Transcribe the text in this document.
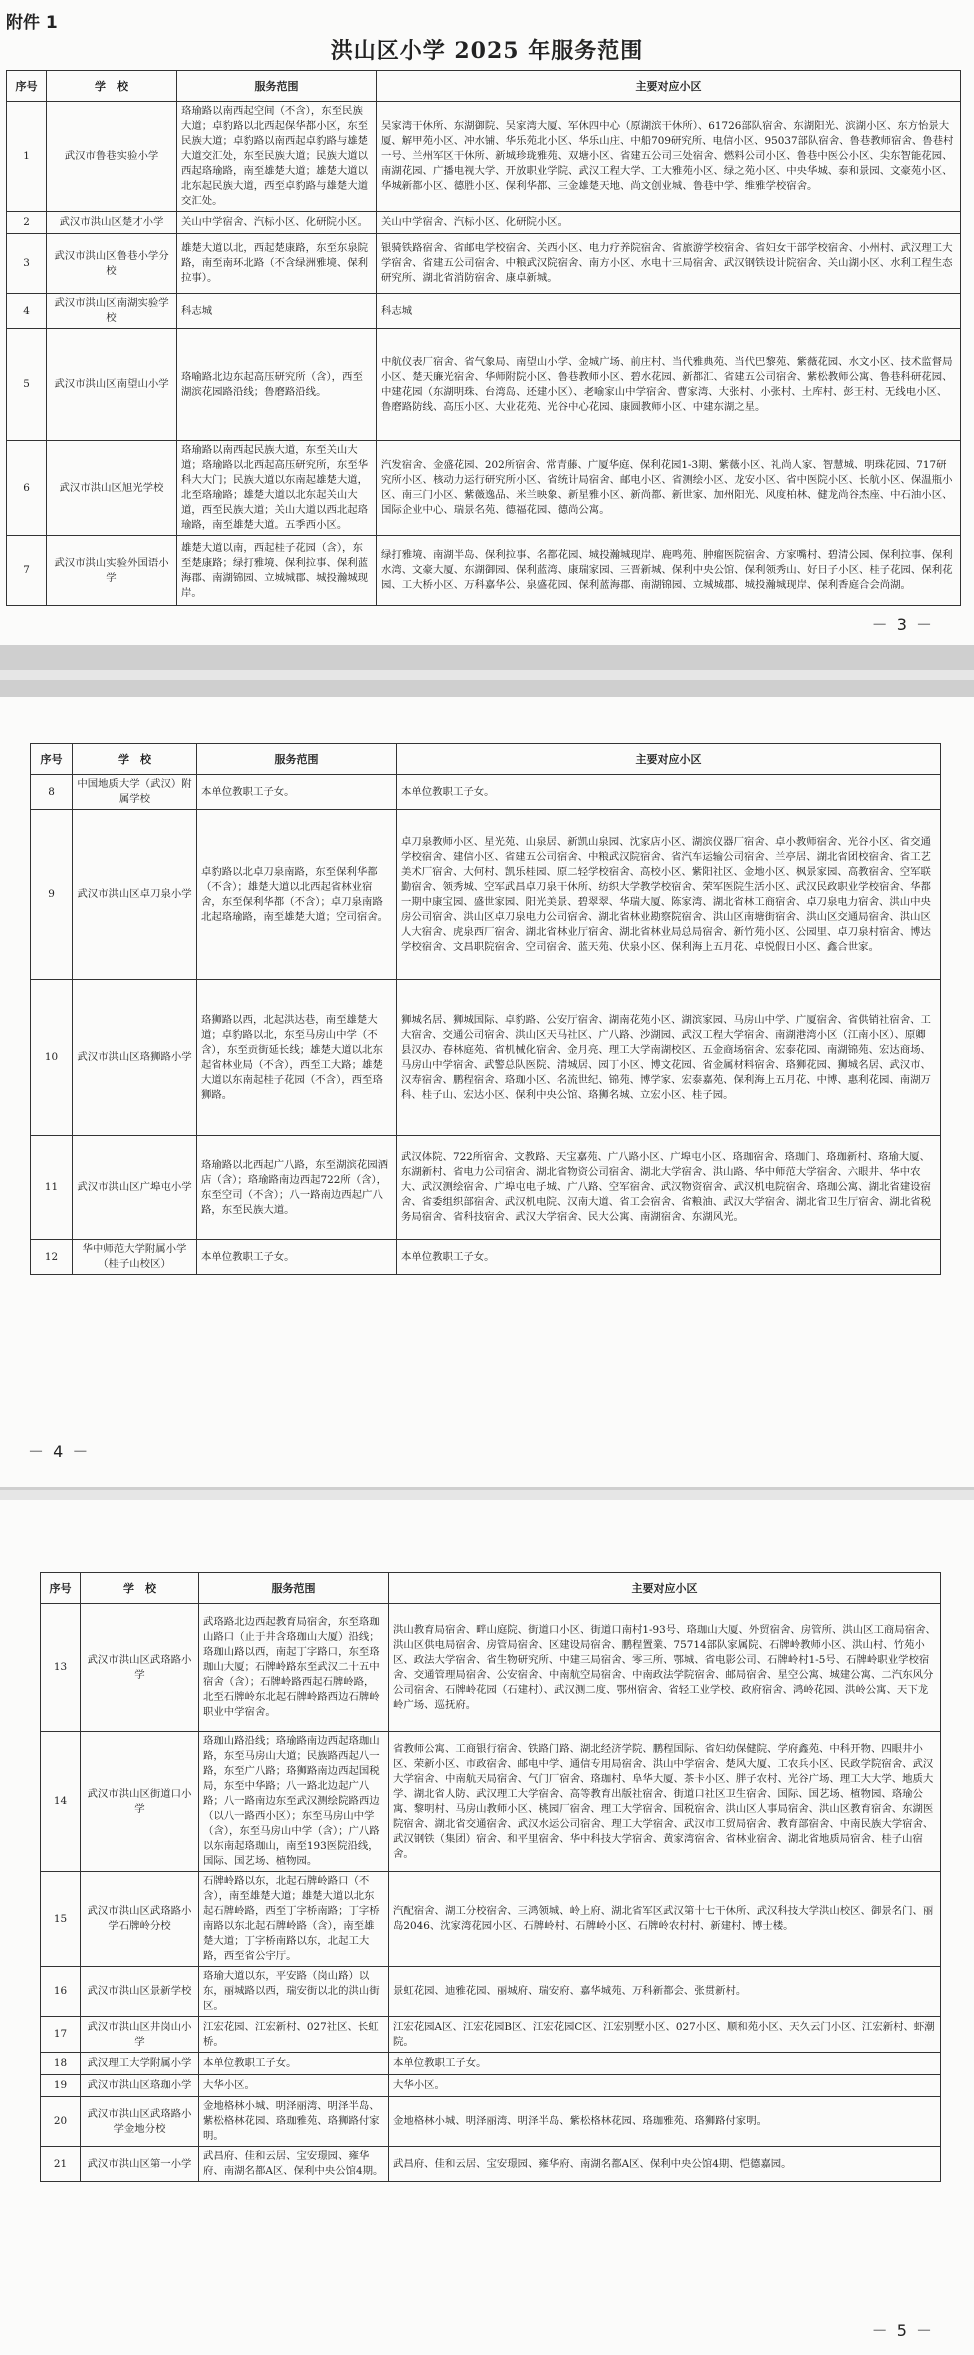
附件 1
洪山区小学 2025 年服务范围
序号	学　校	服务范围	主要对应小区
1	武汉市鲁巷实验小学	珞瑜路以南西起空间（不含），东至民族大道；卓豹路以北西起保华都小区，东至民族大道；卓豹路以南西起卓豹路与雄楚大道交汇处，东至民族大道；民族大道以西起珞瑜路，南至雄楚大道；雄楚大道以北东起民族大道，西至卓豹路与雄楚大道交汇处。	吴家湾干休所、东湖御院、吴家湾大厦、军休四中心（原湖滨干休所）、61726部队宿舍、东湖阳光、滨湖小区、东方怡景大厦、解甲苑小区、冲水铺、华乐苑北小区、华乐山庄、中船709研究所、电信小区、95037部队宿舍、鲁巷教师宿舍、鲁巷村一号、兰州军区干休所、新城珍珑雅苑、双塘小区、省建五公司三处宿舍、燃料公司小区、鲁巷中医公小区、尖东智能花园、南湖花园、广播电视大学、开放职业学院、武汉工程大学、工大雅苑小区、绿之苑小区、中央华城、泰和景园、文豪苑小区、华城新都小区、德胜小区、保利华都、三金雄楚天地、尚文创业城、鲁巷中学、维雅学校宿舍。
2	武汉市洪山区楚才小学	关山中学宿舍、汽标小区、化研院小区。	关山中学宿舍、汽标小区、化研院小区。
3	武汉市洪山区鲁巷小学分校	雄楚大道以北，西起楚康路，东至东泉院路，南至南环北路（不含绿洲雅境、保利拉事）。	银骑铁路宿舍、省邮电学校宿舍、关西小区、电力疗养院宿舍、省旅游学校宿舍、省妇女干部学校宿舍、小州村、武汉理工大学宿舍、省建五公司宿舍、中粮武汉院宿舍、南方小区、水电十三局宿舍、武汉钢铁设计院宿舍、关山湖小区、水利工程生态研究所、湖北省消防宿舍、康卓新城。
4	武汉市洪山区南湖实验学校	科志城	科志城
5	武汉市洪山区南望山小学	珞喻路北边东起高压研究所（含），西至湖滨花园路沿线；鲁磨路沿线。	中航仪表厂宿舍、省气象局、南望山小学、金城广场、前庄村、当代雅典苑、当代巴黎苑、紫薇花园、水文小区、技术监督局小区、楚天廉光宿舍、华师附院小区、鲁巷教师小区、碧水花园、新都汇、省建五公司宿舍、紫松教师公寓、鲁巷科研花园、中建花园（东湖明珠、台湾岛、还建小区）、老喻家山中学宿舍、曹家湾、大张村、小张村、土库村、彭王村、无线电小区、鲁磨路防线、高压小区、大业花苑、光谷中心花园、康圆教师小区、中建东湖之星。
6	武汉市洪山区旭光学校	珞瑜路以南西起民族大道，东至关山大道；珞瑜路以北西起高压研究所，东至华科大大门；民族大道以东南起雄楚大道，北至珞瑜路；雄楚大道以北东起关山大道，西至民族大道；关山大道以西北起珞瑜路，南至雄楚大道。五季西小区。	汽发宿舍、金盛花园、202所宿舍、常青藤、广厦华庭、保利花园1-3期、紫薇小区、礼尚人家、智慧城、明珠花园、717研究所小区、核动力运行研究所小区、省统计局宿舍、邮电小区、省测绘小区、龙安小区、省中医院小区、长航小区、保温瓶小区、南三门小区、紫薇逸品、米兰映象、新星雅小区、新尚都、新世家、加州阳光、风度柏林、健龙尚谷杰座、中石油小区、国际企业中心、瑞景名苑、德福花园、德尚公寓。
7	武汉市洪山实验外国语小学	雄楚大道以南，西起桂子花园（含），东至楚康路；绿打雅境、保利拉事、保利蓝海郡、南湖锦园、立城城郡、城投瀚城现岸。	绿打雅境、南湖半岛、保利拉事、名都花园、城投瀚城现岸、鹿鸣苑、肿瘤医院宿舍、方家嘴村、碧清公园、保利拉事、保利水湾、文豪大厦、东湖御园、保利蓝湾、康瑞家园、三晋新城、保利中央公馆、保利领秀山、好日子小区、桂子花园、保利花园、工大桥小区、万科嘉华公、泉盛花园、保利蓝海郡、南湖锦园、立城城郡、城投瀚城现岸、保利香庭合会尚湖。
－ 3 －
序号	学　校	服务范围	主要对应小区
8	中国地质大学（武汉）附属学校	本单位教职工子女。	本单位教职工子女。
9	武汉市洪山区卓刀泉小学	卓豹路以北卓刀泉南路，东至保利华都（不含）；雄楚大道以北西起省林业宿舍，东至保利华都（不含）；卓刀泉南路北起珞瑜路，南至雄楚大道；空司宿舍。	卓刀泉教师小区、星光苑、山泉居、新凯山泉园、沈家店小区、湖滨仪器厂宿舍、卓小教师宿舍、光谷小区、省交通学校宿舍、建信小区、省建五公司宿舍、中粮武汉院宿舍、省汽车运输公司宿舍、兰亭居、湖北省团校宿舍、省工艺美术厂宿舍、大何村、凯乐桂园、原二轻学校宿舍、高校小区、紫阳社区、金地小区、枫景家园、高教宿舍、空军联勤宿舍、领秀城、空军武昌卓刀泉干休所、纺织大学教学校宿舍、荣军医院生活小区、武汉民政职业学校宿舍、华都一期中康宝园、盛世家园、阳光美景、碧翠翠、华瑞大厦、陈家湾、湖北省林工商宿舍、卓刀泉电力宿舍、洪山中央房公司宿舍、洪山区卓刀泉电力公司宿舍、湖北省林业勘察院宿舍、洪山区南塘街宿舍、洪山区交通局宿舍、洪山区人大宿舍、虎泉西厂宿舍、湖北省林业厅宿舍、湖北省林业局总局宿舍、新竹苑小区、公园里、卓刀泉村宿舍、博达学校宿舍、文昌职院宿舍、空司宿舍、蓝天苑、伏泉小区、保利海上五月花、卓悦假日小区、鑫合世家。
10	武汉市洪山区珞狮路小学	珞狮路以西，北起洪达巷，南至雄楚大道；卓豹路以北，东至马房山中学（不含），东至贡街延长线；雄楚大道以北东起省林业局（不含），西至工大路；雄楚大道以东南起桂子花园（不含），西至珞狮路。	狮城名居、狮城国际、卓豹路、公安厅宿舍、湖南花苑小区、湖滨家园、马房山中学、广厦宿舍、省供销社宿舍、工大宿舍、交通公司宿舍、洪山区天马社区、广八路、沙湖园、武汉工程大学宿舍、南湖港湾小区（江南小区）、原卿县汉办、春林庭苑、省机械化宿舍、金月亮、理工大学南湖校区、五金商场宿舍、宏泰花园、南湖锦苑、宏达商场、马房山中学宿舍、武警总队医院、清城居、园丁小区、博文花园、省金属材料宿舍、珞狮花园、狮城名居、武汉市、汉寿宿舍、鹏程宿舍、珞珈小区、名流世纪、锦苑、博学家、宏泰嘉苑、保利海上五月花、中博、惠利花园、南湖万科、桂子山、宏达小区、保利中央公馆、珞狮名城、立宏小区、桂子园。
11	武汉市洪山区广埠屯小学	珞瑜路以北西起广八路，东至湖滨花园酒店（含）；珞瑜路南边西起722所（含），东至空司（不含）；八一路南边西起广八路，东至民族大道。	武汉体院、722所宿舍、文教路、天宝嘉苑、广八路小区、广埠屯小区、珞珈宿舍、珞珈门、珞珈新村、珞瑜大厦、东湖新村、省电力公司宿舍、湖北省物资公司宿舍、湖北大学宿舍、洪山路、华中师范大学宿舍、六眼井、华中农大、武汉测绘宿舍、广埠屯电子城、广八路、空军宿舍、武汉物资宿舍、武汉机电院宿舍、珞珈公寓、湖北省建设宿舍、省委组织部宿舍、武汉机电院、汉南大道、省工会宿舍、省粮油、武汉大学宿舍、湖北省卫生厅宿舍、湖北省税务局宿舍、省科技宿舍、武汉大学宿舍、民大公寓、南湖宿舍、东湖风光。
12	华中师范大学附属小学（桂子山校区）	本单位教职工子女。	本单位教职工子女。
－ 4 －
序号	学　校	服务范围	主要对应小区
13	武汉市洪山区武珞路小学	武珞路北边西起教育局宿舍，东至珞珈山路口（止于井含珞珈山大厦）沿线；珞珈山路以西，南起丁字路口，东至珞珈山大厦；石牌岭路东至武汉二十五中宿舍（含）；石牌岭路西起石牌岭路，北至石牌岭东北起石牌岭路西边石牌岭职业中学宿舍。	洪山教育局宿舍、畔山庭院、街道口小区、街道口南村1-93号、珞珈山大厦、外贸宿舍、房管所、洪山区工商局宿舍、洪山区供电局宿舍、房管局宿舍、区建设局宿舍、鹏程置業、75714部队家属院、石牌岭教师小区、洪山村、竹苑小区、政法大学宿舍、省生物研究所、中建三局宿舍、零三所、鄂城、省电影公司、石牌岭村1-5号、石牌岭职业学校宿舍、交通管理局宿舍、公安宿舍、中南航空局宿舍、中南政法学院宿舍、邮局宿舍、星空公寓、城建公寓、二汽东风分公司宿舍、石牌岭花园（石建村）、武汉测二度、鄂州宿舍、省轻工业学校、政府宿舍、鸿岭花园、洪岭公寓、天下龙岭广场、巡抚府。
14	武汉市洪山区街道口小学	珞珈山路沿线；珞瑜路南边西起珞珈山路，东至马房山大道；民族路西起八一路，东至广八路；珞狮路南边西起国税局，东至中华路；八一路北边起广八路；八一路南边东至武汉测绘院路西边（以八一路西小区）；东至马房山中学（含），东至马房山中学（含）；广八路以东南起珞珈山，南至193医院沿线，国际、国艺场、植物园。	省教师公寓、工商银行宿舍、铁路门路、湖北经济学院、鹏程国际、省妇幼保健院、学府鑫苑、中科开物、四眼井小区、荣新小区、市政宿舍、邮电中学、通信专用局宿舍、洪山中学宿舍、楚风大厦、工农兵小区、民政学院宿舍、武汉大学宿舍、中南航天局宿舍、气门厂宿舍、珞珈村、阜华大厦、茶卡小区、胖子农村、光谷广场、理工大大学、地质大学、湖北省人防、武汉理工大学宿舍、高等教育出版社宿舍、街道口社区卫生宿舍、国际、国艺场、植物园、珞瑜公寓、黎明村、马房山教师小区、桃园厂宿舍、理工大学宿舍、国税宿舍、洪山区人事局宿舍、洪山区教育宿舍、东湖医院宿舍、湖北省交通宿舍、武汉水运公司宿舍、理工大学宿舍、武汉市工贸局宿舍、教育部宿舍、中南民族大学宿舍、武汉钢铁（集团）宿舍、和平里宿舍、华中科技大学宿舍、黄家湾宿舍、省林业宿舍、湖北省地质局宿舍、桂子山宿舍。
15	武汉市洪山区武珞路小学石牌岭分校	石牌岭路以东，北起石牌岭路口（不含），南至雄楚大道；雄楚大道以北东起石牌岭路，西至丁字桥南路；丁字桥南路以东北起石牌岭路（含），南至雄楚大道；丁字桥南路以东，北起工大路，西至省公宇厅。	汽配宿舍、湖工分校宿舍、三鸿领城、岭上府、湖北省军区武汉第十七干休所、武汉科技大学洪山校区、御景名门、丽岛2046、沈家湾花园小区、石牌岭村、石牌岭小区、石牌岭农村村、新建村、博士楼。
16	武汉市洪山区景新学校	珞瑜大道以东，平安路（岗山路）以东，丽城路以西，瑞安街以北的洪山街区。	景虹花园、迪雅花园、丽城府、瑞安府、嘉华城苑、万科新都会、张贯新村。
17	武汉市洪山区井岗山小学	江宏花园、江宏新村、027社区、长虹桥。	江宏花园A区、江宏花园B区、江宏花园C区、江宏别墅小区、027小区、顺和苑小区、天久云门小区、江宏新村、虾潮院。
18	武汉理工大学附属小学	本单位教职工子女。	本单位教职工子女。
19	武汉市洪山区珞珈小学	大华小区。	大华小区。
20	武汉市洪山区武珞路小学金地分校	金地格林小城、明泽丽湾、明泽半岛、紫松格林花园、珞珈雅苑、珞狮路付家明。	金地格林小城、明泽丽湾、明泽半岛、紫松格林花园、珞珈雅苑、珞狮路付家明。
21	武汉市洪山区第一小学	武昌府、佳和云居、宝安璟园、雍华府、南湖名都A区、保利中央公馆4期。	武昌府、佳和云居、宝安璟园、雍华府、南湖名都A区、保利中央公馆4期、恺德嘉园。
－ 5 －
